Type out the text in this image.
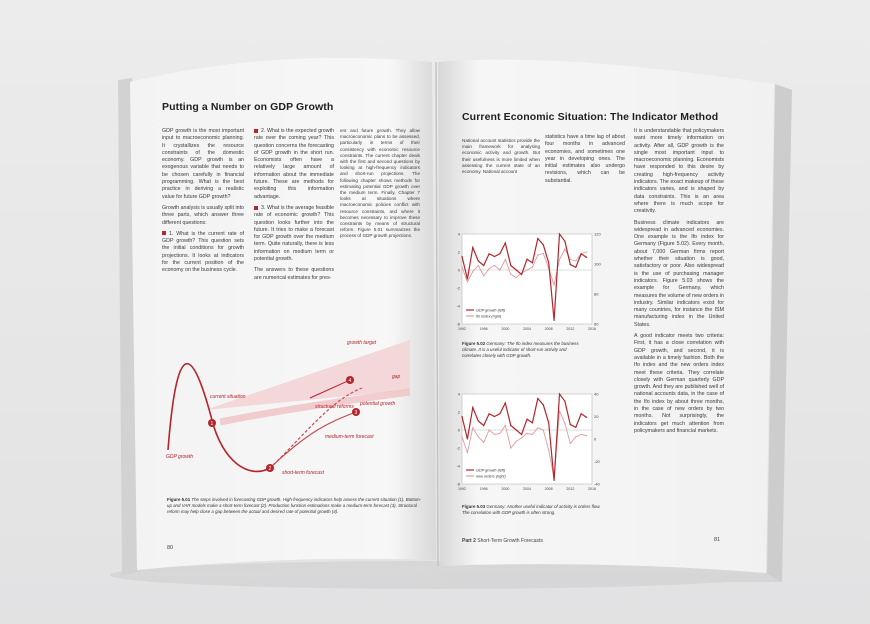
Putting a Number on GDP Growth

GDP growth is the most important input to macroeconomic planning. It crystallizes the resource constraints of the domestic economy. GDP growth is an exogenous variable that needs to be chosen carefully in financial programming. What is the best practice in deriving a realistic value for future GDP growth?

Growth analysis is usually split into three parts, which answer three different questions:

1. What is the current rate of GDP growth? This question sets the initial conditions for growth projections. It looks at indicators for the current position of the economy on the business cycle.

2. What is the expected growth rate over the coming year? This question concerns the forecasting of GDP growth in the short run. Economists often have a relatively large amount of information about the immediate future. These are methods for exploiting this information advantage.

3. What is the average feasible rate of economic growth? This question looks further into the future. It tries to make a forecast for GDP growth over the medium term. Quite naturally, there is less information on medium term or potential growth.

The answers to these questions are numerical estimates for pres-

ent and future growth. They allow macroeconomic plans to be assessed, particularly in terms of their consistency with economic resource constraints. The current chapter deals with the first and second questions by looking at high-frequency indicators and short-run projections. The following chapter shows methods for estimating potential GDP growth over the medium term. Finally, Chapter 7 looks at situations where macroeconomic policies conflict with resource constraints, and where it becomes necessary to improve these constraints by means of structural reform. Figure 5.01 summarizes the process of GDP growth projections.

1
2
3
4
growth target
gap
current situation
structural reforms potential growth
medium-term forecast
short-term forecast
GDP growth
Figure 5.01 The steps involved in forecasting GDP growth. High-frequency indicators help assess the current situation (1). Bottom-up and VAR models make a short-term forecast (2). Production function estimations make a medium-term forecast (3). Structural reform may help close a gap between the actual and desired rate of potential growth (4).
80
Current Economic Situation: The Indicator Method
National account statistics provide the main framework for analysing economic activity and growth. But their usefulness is more limited when assessing the current state of an economy. National account
statistics have a time lag of about four months in advanced economies, and sometimes one year in developing ones. The initial estimates also undergo revisions, which can be substantial.

It is understandable that policymakers want more timely information on activity. After all, GDP growth is the single most important input to macroeconomic planning. Economists have responded to this desire by creating high-frequency activity indicators. The exact makeup of these indicators varies, and is shaped by data constraints. This is an area where there is much scope for creativity.

Business climate indicators are widespread in advanced economies. One example is the Ifo index for Germany (Figure 5.02). Every month, about 7,000 German firms report whether their situation is good, satisfactory or poor. Also widespread is the use of purchasing manager indicators. Figure 5.03 shows the example for Germany, which measures the volume of new orders in industry. Similar indicators exist for many countries, for instance the ISM manufacturing index in the United States.

A good indicator meets two criteria: First, it has a close correlation with GDP growth, and second, it is available in a timely fashion. Both the Ifo index and the new orders index meet these criteria. They correlate closely with German quarterly GDP growth. And they are published well of national accounts data, in the case of the Ifo index by about three months, in the case of new orders by two months. Not surprisingly, the indicators get much attention from policymakers and financial markets.

4
2
0
-2
-4
-6
120
100
80
60
1992	1996	2000	2004	2008	2012	2016
GDP growth (left)
Ifo index (right)
Figure 5.02 Germany: The Ifo index measures the business climate. It is a useful indicator of short-run activity and correlates closely with GDP growth.
4
2
0
-2
-4
-6
40
20
0
-20
-40
1992	1996	2000	2004	2008	2012	2016
GDP growth (left)
new orders (right)
Figure 5.03 Germany: Another useful indicator of activity is orders flow. The correlation with GDP growth is often strong.
Part 2 Short-Term Growth Forecasts	81
